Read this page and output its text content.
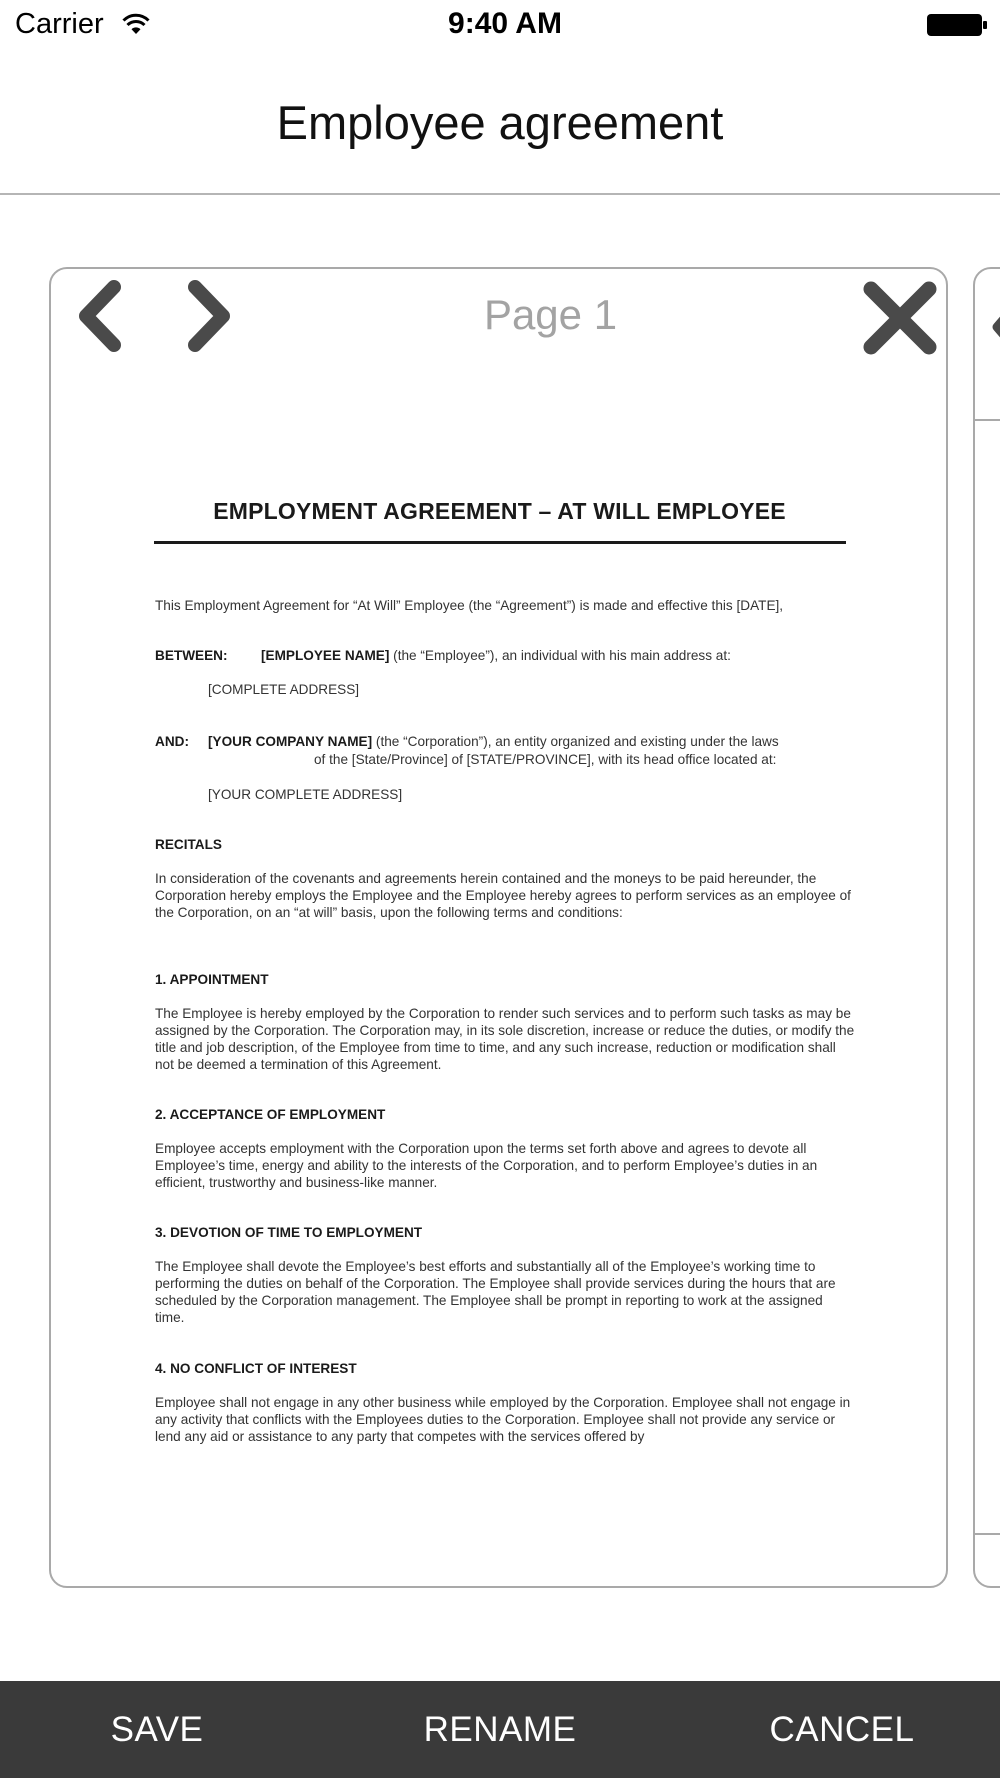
Carrier	9:40 AM
Employee agreement
EMPLOYMENT AGREEMENT – AT WILL EMPLOYEE

This Employment Agreement for “At Will” Employee (the “Agreement”) is made and effective this [DATE],

BETWEEN: [EMPLOYEE NAME] (the “Employee”), an individual with his main address at:
[COMPLETE ADDRESS]
AND: [YOUR COMPANY NAME] (the “Corporation”), an entity organized and existing under the laws
of the [State/Province] of [STATE/PROVINCE], with its head office located at:
[YOUR COMPLETE ADDRESS]
RECITALS

In consideration of the covenants and agreements herein contained and the moneys to be paid hereunder, the Corporation hereby employs the Employee and the Employee hereby agrees to perform services as an employee of the Corporation, on an “at will” basis, upon the following terms and conditions:

1. APPOINTMENT

The Employee is hereby employed by the Corporation to render such services and to perform such tasks as may be assigned by the Corporation. The Corporation may, in its sole discretion, increase or reduce the duties, or modify the title and job description, of the Employee from time to time, and any such increase, reduction or modification shall not be deemed a termination of this Agreement.

2. ACCEPTANCE OF EMPLOYMENT

Employee accepts employment with the Corporation upon the terms set forth above and agrees to devote all Employee’s time, energy and ability to the interests of the Corporation, and to perform Employee’s duties in an efficient, trustworthy and business-like manner.

3. DEVOTION OF TIME TO EMPLOYMENT

The Employee shall devote the Employee’s best efforts and substantially all of the Employee’s working time to performing the duties on behalf of the Corporation. The Employee shall provide services during the hours that are scheduled by the Corporation management. The Employee shall be prompt in reporting to work at the assigned time.

4. NO CONFLICT OF INTEREST

Employee shall not engage in any other business while employed by the Corporation. Employee shall not engage in any activity that conflicts with the Employees duties to the Corporation. Employee shall not provide any service or lend any aid or assistance to any party that competes with the services offered by

Page 1
SAVE	RENAME	CANCEL
